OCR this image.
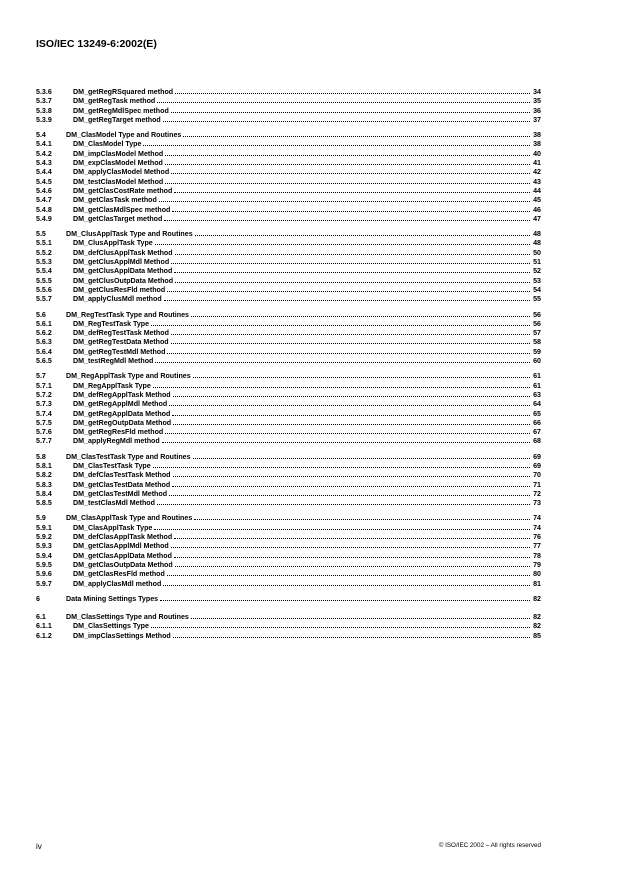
ISO/IEC 13249-6:2002(E)
5.3.6	DM_getRegRSquared method	34
5.3.7	DM_getRegTask method	35
5.3.8	DM_getRegMdlSpec method	36
5.3.9	DM_getRegTarget method	37
5.4	DM_ClasModel Type and Routines	38
5.4.1	DM_ClasModel Type	38
5.4.2	DM_impClasModel Method	40
5.4.3	DM_expClasModel Method	41
5.4.4	DM_applyClasModel Method	42
5.4.5	DM_testClasModel Method	43
5.4.6	DM_getClasCostRate method	44
5.4.7	DM_getClasTask method	45
5.4.8	DM_getClasMdlSpec method	46
5.4.9	DM_getClasTarget method	47
5.5	DM_ClusApplTask Type and Routines	48
5.5.1	DM_ClusApplTask Type	48
5.5.2	DM_defClusApplTask Method	50
5.5.3	DM_getClusApplMdl Method	51
5.5.4	DM_getClusApplData Method	52
5.5.5	DM_getClusOutpData Method	53
5.5.6	DM_getClusResFld method	54
5.5.7	DM_applyClusMdl method	55
5.6	DM_RegTestTask Type and Routines	56
5.6.1	DM_RegTestTask Type	56
5.6.2	DM_defRegTestTask Method	57
5.6.3	DM_getRegTestData Method	58
5.6.4	DM_getRegTestMdl Method	59
5.6.5	DM_testRegMdl Method	60
5.7	DM_RegApplTask Type and Routines	61
5.7.1	DM_RegApplTask Type	61
5.7.2	DM_defRegApplTask Method	63
5.7.3	DM_getRegApplMdl Method	64
5.7.4	DM_getRegApplData Method	65
5.7.5	DM_getRegOutpData Method	66
5.7.6	DM_getRegResFld method	67
5.7.7	DM_applyRegMdl method	68
5.8	DM_ClasTestTask Type and Routines	69
5.8.1	DM_ClasTestTask Type	69
5.8.2	DM_defClasTestTask Method	70
5.8.3	DM_getClasTestData Method	71
5.8.4	DM_getClasTestMdl Method	72
5.8.5	DM_testClasMdl Method	73
5.9	DM_ClasApplTask Type and Routines	74
5.9.1	DM_ClasApplTask Type	74
5.9.2	DM_defClasApplTask Method	76
5.9.3	DM_getClasApplMdl Method	77
5.9.4	DM_getClasApplData Method	78
5.9.5	DM_getClasOutpData Method	79
5.9.6	DM_getClasResFld method	80
5.9.7	DM_applyClasMdl method	81
6	Data Mining Settings Types	82
6.1	DM_ClasSettings Type and Routines	82
6.1.1	DM_ClasSettings Type	82
6.1.2	DM_impClasSettings Method	85
iv	© ISO/IEC 2002 – All rights reserved
